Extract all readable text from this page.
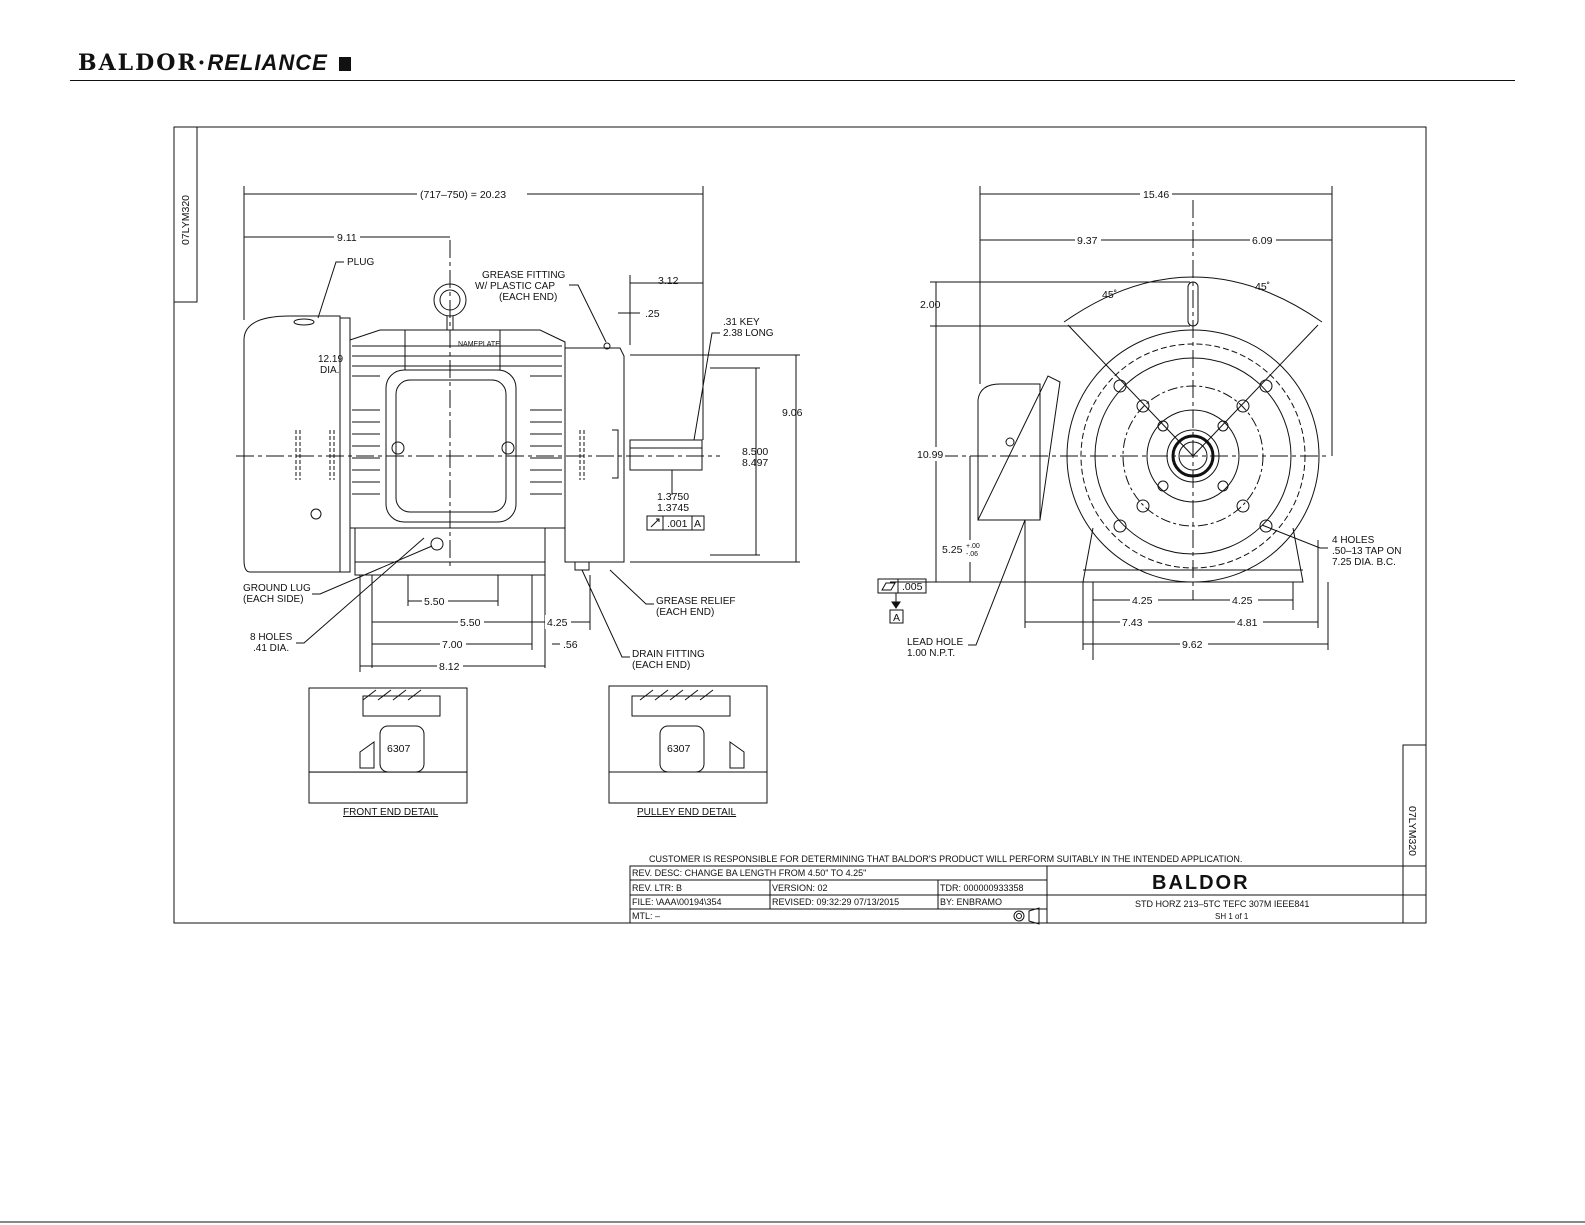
BALDOR·RELIANCE
07LYM320
07LYM320
NAMEPLATE
(717–750) = 20.23
9.11
3.12
.25
9.06
8.500
8.497
1.3750
1.3745
.001 A
.31 KEY
2.38 LONG
PLUG
12.19
DIA.
GREASE FITTING
W/ PLASTIC CAP
(EACH END)
GROUND LUG
(EACH SIDE)
8 HOLES
.41 DIA.
GREASE RELIEF
(EACH END)
DRAIN FITTING
(EACH END)
5.50
5.50	4.25
7.00	.56
8.12
45˚
45˚
15.46
9.37	6.09
2.00
10.99
5.25 +.00
-.06
.005
A
4.25	4.25
7.43	4.81
9.62
LEAD HOLE
1.00 N.P.T.
4 HOLES
.50–13 TAP ON
7.25 DIA. B.C.
6307
FRONT END DETAIL
6307
PULLEY END DETAIL
CUSTOMER IS RESPONSIBLE FOR DETERMINING THAT BALDOR'S PRODUCT WILL PERFORM SUITABLY IN THE INTENDED APPLICATION.
REV. DESC: CHANGE BA LENGTH FROM 4.50" TO 4.25"
REV. LTR: B	VERSION: 02	TDR: 000000933358
FILE: \AAA\00194\354	REVISED: 09:32:29 07/13/2015	BY: ENBRAMO
MTL: –
BALDOR
STD HORZ 213–5TC TEFC 307M IEEE841
SH 1 of 1
